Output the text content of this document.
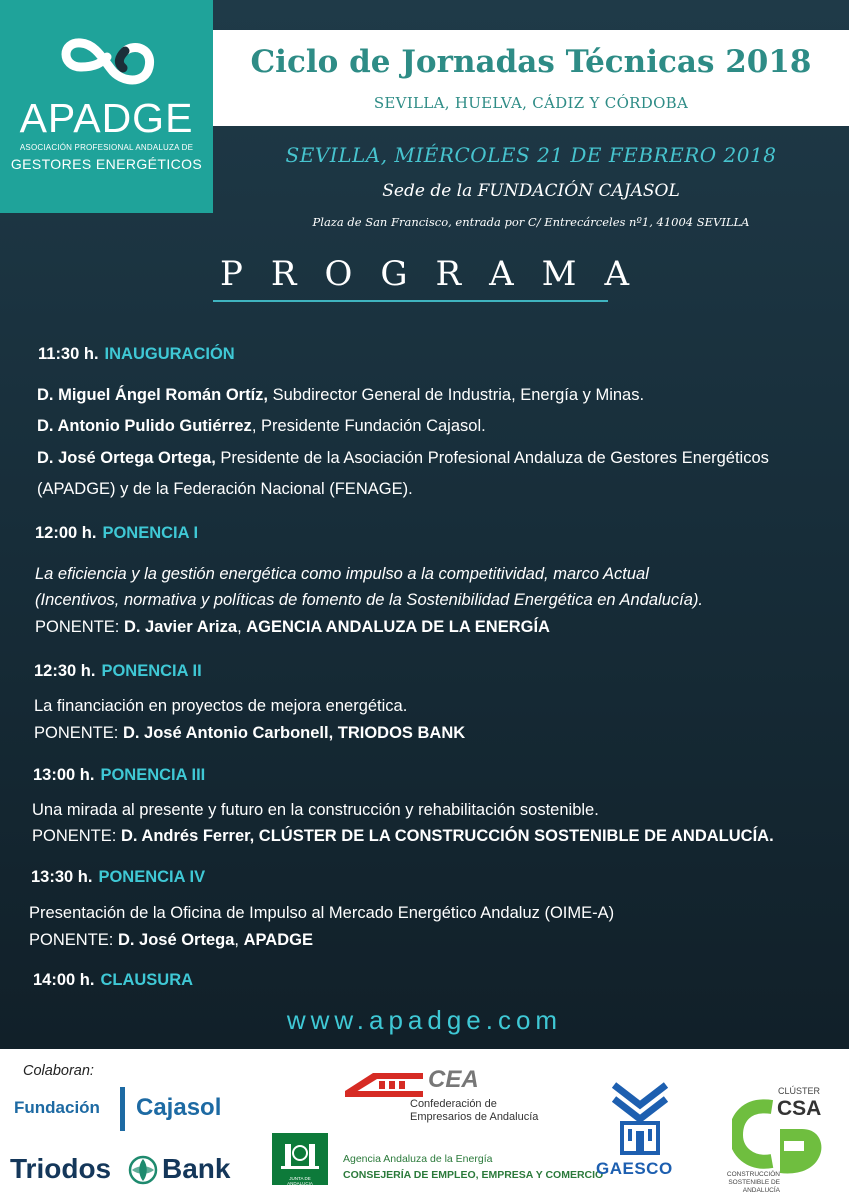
APADGE
ASOCIACIÓN PROFESIONAL ANDALUZA DE
GESTORES ENERGÉTICOS
Ciclo de Jornadas Técnicas 2018
SEVILLA, HUELVA, CÁDIZ Y CÓRDOBA
SEVILLA, MIÉRCOLES 21 DE FEBRERO 2018
Sede de la FUNDACIÓN CAJASOL
Plaza de San Francisco, entrada por C/ Entrecárceles nº1, 41004 SEVILLA
PROGRAMA
11:30 h. INAUGURACIÓN
D. Miguel Ángel Román Ortíz, Subdirector General de Industria, Energía y Minas.
D. Antonio Pulido Gutiérrez, Presidente Fundación Cajasol.
D. José Ortega Ortega, Presidente de la Asociación Profesional Andaluza de Gestores Energéticos
(APADGE) y de la Federación Nacional (FENAGE).
12:00 h. PONENCIA I
La eficiencia y la gestión energética como impulso a la competitividad, marco Actual
(Incentivos, normativa y políticas de fomento de la Sostenibilidad Energética en Andalucía).
PONENTE: D. Javier Ariza, AGENCIA ANDALUZA DE LA ENERGÍA
12:30 h. PONENCIA II
La financiación en proyectos de mejora energética.
PONENTE: D. José Antonio Carbonell, TRIODOS BANK
13:00 h. PONENCIA III
Una mirada al presente y futuro en la construcción y rehabilitación sostenible.
PONENTE: D. Andrés Ferrer, CLÚSTER DE LA CONSTRUCCIÓN SOSTENIBLE DE ANDALUCÍA.
13:30 h. PONENCIA IV
Presentación de la Oficina de Impulso al Mercado Energético Andaluz (OIME-A)
PONENTE: D. José Ortega, APADGE
14:00 h. CLAUSURA
www.apadge.com
Colaboran:
Fundación Cajasol
Triodos Bank
CEA
Confederación de
Empresarios de Andalucía
JUNTA DE ANDALUCIA
Agencia Andaluza de la Energía
CONSEJERÍA DE EMPLEO, EMPRESA Y COMERCIO
GAESCO
CLÚSTER
CSA
CONSTRUCCIÓN SOSTENIBLE DE ANDALUCÍA
